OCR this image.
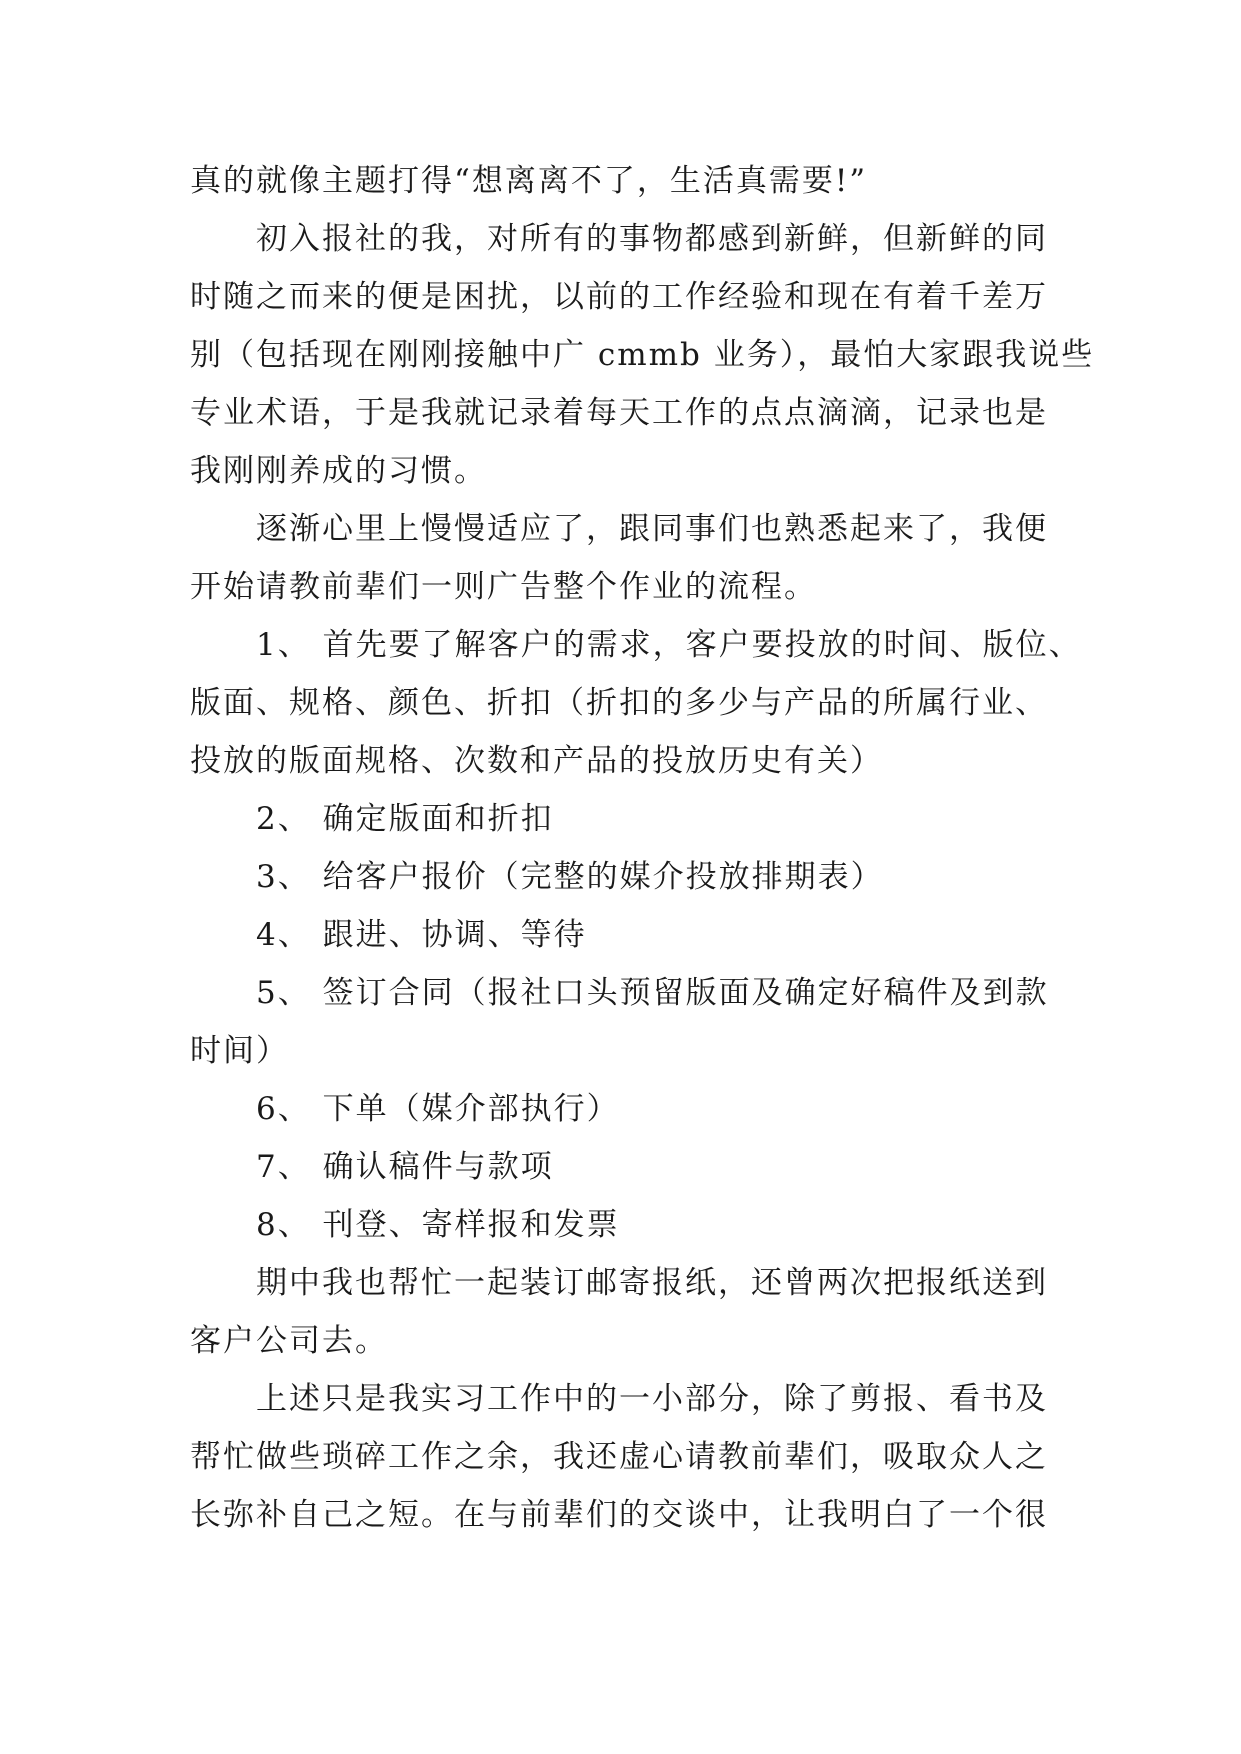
真的就像主题打得“想离离不了，生活真需要!”
初入报社的我，对所有的事物都感到新鲜，但新鲜的同
时随之而来的便是困扰，以前的工作经验和现在有着千差万
别（包括现在刚刚接触中广 cmmb 业务），最怕大家跟我说些
专业术语，于是我就记录着每天工作的点点滴滴，记录也是
我刚刚养成的习惯。
逐渐心里上慢慢适应了，跟同事们也熟悉起来了，我便
开始请教前辈们一则广告整个作业的流程。
1、 首先要了解客户的需求，客户要投放的时间、版位、
版面、规格、颜色、折扣（折扣的多少与产品的所属行业、
投放的版面规格、次数和产品的投放历史有关）
2、 确定版面和折扣
3、 给客户报价（完整的媒介投放排期表）
4、 跟进、协调、等待
5、 签订合同（报社口头预留版面及确定好稿件及到款
时间）
6、 下单（媒介部执行）
7、 确认稿件与款项
8、 刊登、寄样报和发票
期中我也帮忙一起装订邮寄报纸，还曾两次把报纸送到
客户公司去。
上述只是我实习工作中的一小部分，除了剪报、看书及
帮忙做些琐碎工作之余，我还虚心请教前辈们，吸取众人之
长弥补自己之短。在与前辈们的交谈中，让我明白了一个很
